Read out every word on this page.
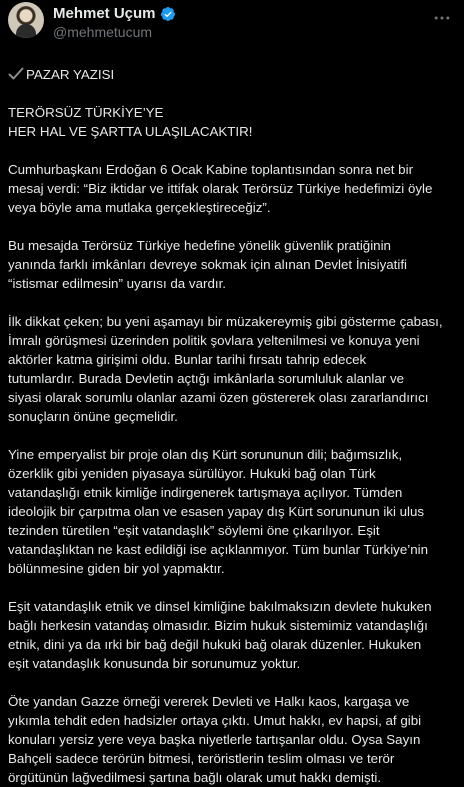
Mehmet Uçum
@mehmetucum

PAZAR YAZISI

TERÖRSÜZ TÜRKİYE’YE
HER HAL VE ŞARTTA ULAŞILACAKTIR!

Cumhurbaşkanı Erdoğan 6 Ocak Kabine toplantısından sonra net bir
mesaj verdi: “Biz iktidar ve ittifak olarak Terörsüz Türkiye hedefimizi öyle
veya böyle ama mutlaka gerçekleştireceğiz”.

Bu mesajda Terörsüz Türkiye hedefine yönelik güvenlik pratiğinin
yanında farklı imkânları devreye sokmak için alınan Devlet İnisiyatifi
“istismar edilmesin” uyarısı da vardır.

İlk dikkat çeken; bu yeni aşamayı bir müzakereymiş gibi gösterme çabası,
İmralı görüşmesi üzerinden politik şovlara yeltenilmesi ve konuya yeni
aktörler katma girişimi oldu. Bunlar tarihi fırsatı tahrip edecek
tutumlardır. Burada Devletin açtığı imkânlarla sorumluluk alanlar ve
siyasi olarak sorumlu olanlar azami özen göstererek olası zararlandırıcı
sonuçların önüne geçmelidir.

Yine emperyalist bir proje olan dış Kürt sorununun dili; bağımsızlık,
özerklik gibi yeniden piyasaya sürülüyor. Hukuki bağ olan Türk
vatandaşlığı etnik kimliğe indirgenerek tartışmaya açılıyor. Tümden
ideolojik bir çarpıtma olan ve esasen yapay dış Kürt sorununun iki ulus
tezinden türetilen “eşit vatandaşlık” söylemi öne çıkarılıyor. Eşit
vatandaşlıktan ne kast edildiği ise açıklanmıyor. Tüm bunlar Türkiye’nin
bölünmesine giden bir yol yapmaktır.

Eşit vatandaşlık etnik ve dinsel kimliğine bakılmaksızın devlete hukuken
bağlı herkesin vatandaş olmasıdır. Bizim hukuk sistemimiz vatandaşlığı
etnik, dini ya da ırki bir bağ değil hukuki bağ olarak düzenler. Hukuken
eşit vatandaşlık konusunda bir sorunumuz yoktur.

Öte yandan Gazze örneği vererek Devleti ve Halkı kaos, kargaşa ve
yıkımla tehdit eden hadsizler ortaya çıktı. Umut hakkı, ev hapsi, af gibi
konuları yersiz yere veya başka niyetlerle tartışanlar oldu. Oysa Sayın
Bahçeli sadece terörün bitmesi, teröristlerin teslim olması ve terör
örgütünün lağvedilmesi şartına bağlı olarak umut hakkı demişti.
